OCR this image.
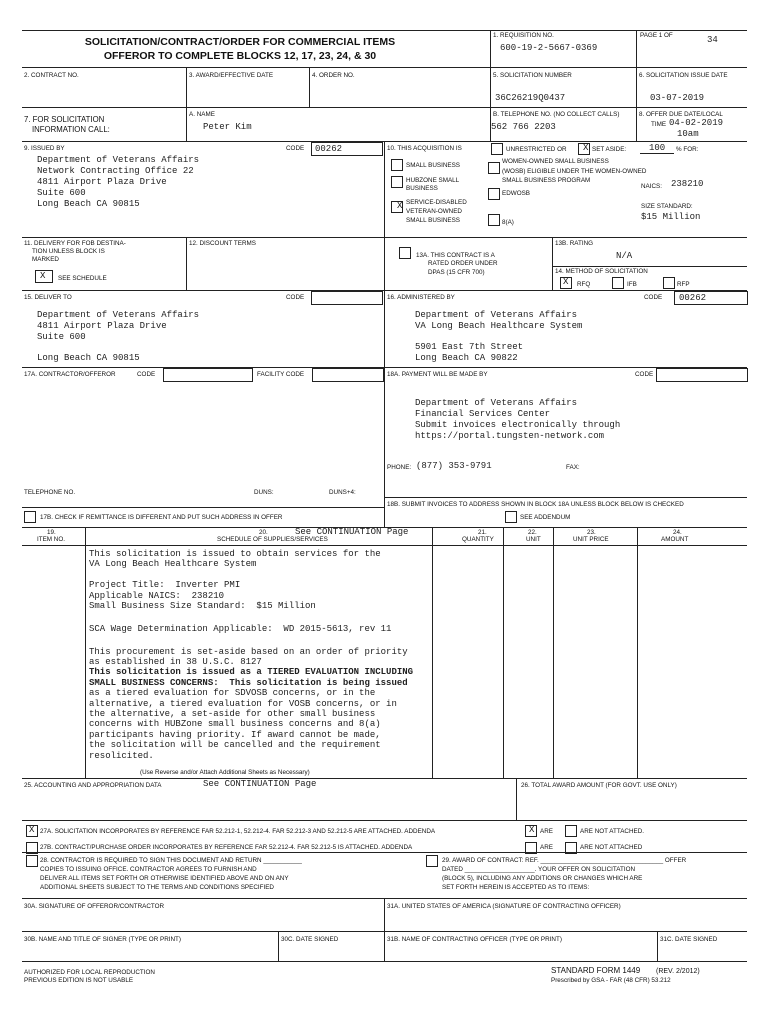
SOLICITATION/CONTRACT/ORDER FOR COMMERCIAL ITEMS
OFFEROR TO COMPLETE BLOCKS 12, 17, 23, 24, & 30
1. REQUISITION NO.
600-19-2-5667-0369
PAGE 1 OF	34
2. CONTRACT NO.	3. AWARD/EFFECTIVE DATE	4. ORDER NO.	5. SOLICITATION NUMBER
36C26219Q0437
6. SOLICITATION ISSUE DATE
03-07-2019
7. FOR SOLICITATION
INFORMATION CALL:
A. NAME
Peter Kim
B. TELEPHONE NO. (NO COLLECT CALLS)
562 766 2203
8. OFFER DUE DATE/LOCAL
TIME 04-02-2019
10am
9. ISSUED BY	CODE 00262
Department of Veterans Affairs
Network Contracting Office 22
4811 Airport Plaza Drive
Suite 600
Long Beach CA 90815
10. THIS ACQUISITION IS	UNRESTRICTED OR X SET ASIDE:	100 % FOR:
SMALL BUSINESS
HUBZONE SMALL
BUSINESS
X SERVICE-DISABLED
VETERAN-OWNED
SMALL BUSINESS
WOMEN-OWNED SMALL BUSINESS
(WOSB) ELIGIBLE UNDER THE WOMEN-OWNED
SMALL BUSINESS PROGRAM
EDWOSB
8(A)
NAICS: 238210
SIZE STANDARD:
$15 Million
11. DELIVERY FOR FOB DESTINA-
TION UNLESS BLOCK IS
MARKED
X SEE SCHEDULE
12. DISCOUNT TERMS
13A. THIS CONTRACT IS A
RATED ORDER UNDER
DPAS (15 CFR 700)
13B. RATING
N/A
14. METHOD OF SOLICITATION
X RFQ	IFB	RFP
15. DELIVER TO	CODE
Department of Veterans Affairs
4811 Airport Plaza Drive
Suite 600
Long Beach CA 90815
16. ADMINISTERED BY	CODE 00262
Department of Veterans Affairs
VA Long Beach Healthcare System
5901 East 7th Street
Long Beach CA 90822
17A. CONTRACTOR/OFFEROR	CODE	FACILITY CODE
TELEPHONE NO.	DUNS:	DUNS+4:
17B. CHECK IF REMITTANCE IS DIFFERENT AND PUT SUCH ADDRESS IN OFFER
18A. PAYMENT WILL BE MADE BY	CODE
Department of Veterans Affairs
Financial Services Center
Submit invoices electronically through
https://portal.tungsten-network.com
PHONE: (877) 353-9791	FAX:
18B. SUBMIT INVOICES TO ADDRESS SHOWN IN BLOCK 18A UNLESS BLOCK BELOW IS CHECKED
SEE ADDENDUM
19.
ITEM NO.
20.	See CONTINUATION Page
SCHEDULE OF SUPPLIES/SERVICES
21.
QUANTITY
22.
UNIT
23.
UNIT PRICE
24.
AMOUNT
This solicitation is issued to obtain services for the
VA Long Beach Healthcare System
Project Title:  Inverter PMI
Applicable NAICS:  238210
Small Business Size Standard:  $15 Million
SCA Wage Determination Applicable:  WD 2015-5613, rev 11
This procurement is set-aside based on an order of priority
as established in 38 U.S.C. 8127
This solicitation is issued as a TIERED EVALUATION INCLUDING
SMALL BUSINESS CONCERNS:  This solicitation is being issued
as a tiered evaluation for SDVOSB concerns, or in the
alternative, a tiered evaluation for VOSB concerns, or in
the alternative, a set-aside for other small business
concerns with HUBZone small business concerns and 8(a)
participants having priority. If award cannot be made,
the solicitation will be cancelled and the requirement
resolicited.
(Use Reverse and/or Attach Additional Sheets as Necessary)
25. ACCOUNTING AND APPROPRIATION DATA	See CONTINUATION Page	26. TOTAL AWARD AMOUNT (FOR GOVT. USE ONLY)
X 27A. SOLICITATION INCORPORATES BY REFERENCE FAR 52.212-1, 52.212-4. FAR 52.212-3 AND 52.212-5 ARE ATTACHED. ADDENDA	X ARE	ARE NOT ATTACHED.
27B. CONTRACT/PURCHASE ORDER INCORPORATES BY REFERENCE FAR 52.212-4. FAR 52.212-5 IS ATTACHED. ADDENDA	ARE	ARE NOT ATTACHED
28. CONTRACTOR IS REQUIRED TO SIGN THIS DOCUMENT AND RETURN ___________
COPIES TO ISSUING OFFICE. CONTRACTOR AGREES TO FURNISH AND
DELIVER ALL ITEMS SET FORTH OR OTHERWISE IDENTIFIED ABOVE AND ON ANY
ADDITIONAL SHEETS SUBJECT TO THE TERMS AND CONDITIONS SPECIFIED
29. AWARD OF CONTRACT: REF. ___________________________________ OFFER
DATED ____________________. YOUR OFFER ON SOLICITATION
(BLOCK 5), INCLUDING ANY ADDITIONS OR CHANGES WHICH ARE
SET FORTH HEREIN IS ACCEPTED AS TO ITEMS:
30A. SIGNATURE OF OFFEROR/CONTRACTOR	31A. UNITED STATES OF AMERICA (SIGNATURE OF CONTRACTING OFFICER)
30B. NAME AND TITLE OF SIGNER (TYPE OR PRINT)	30C. DATE SIGNED	31B. NAME OF CONTRACTING OFFICER (TYPE OR PRINT)	31C. DATE SIGNED
AUTHORIZED FOR LOCAL REPRODUCTION
PREVIOUS EDITION IS NOT USABLE
STANDARD FORM 1449 (REV. 2/2012)
Prescribed by GSA - FAR (48 CFR) 53.212
